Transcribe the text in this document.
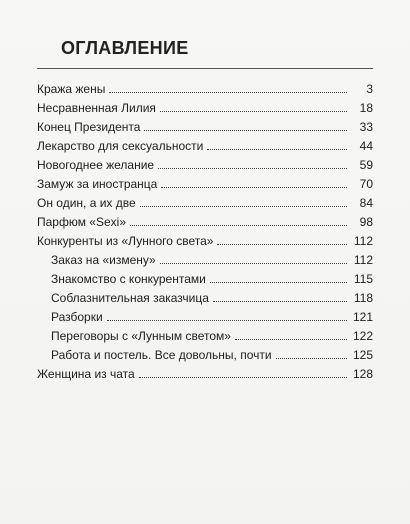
ОГЛАВЛЕНИЕ
Кража жены	3
Несравненная Лилия	18
Конец Президента	33
Лекарство для сексуальности	44
Новогоднее желание	59
Замуж за иностранца	70
Он один, а их две	84
Парфюм «Sexi»	98
Конкуренты из «Лунного света»	112
Заказ на «измену»	112
Знакомство с конкурентами	115
Соблазнительная заказчица	118
Разборки	121
Переговоры с «Лунным светом»	122
Работа и постель. Все довольны, почти	125
Женщина из чата	128
